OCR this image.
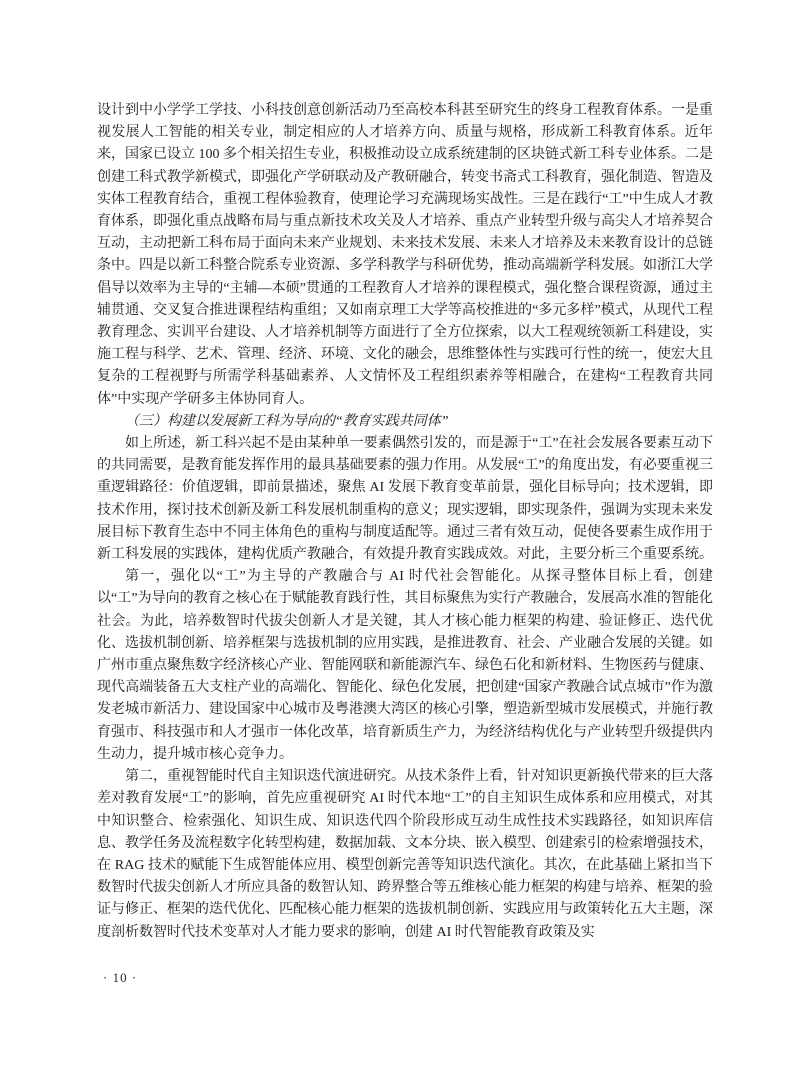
设计到中小学学工学技、小科技创意创新活动乃至高校本科甚至研究生的终身工程教育体系。一是重视发展人工智能的相关专业，制定相应的人才培养方向、质量与规格，形成新工科教育体系。近年来，国家已设立 100 多个相关招生专业，积极推动设立成系统建制的区块链式新工科专业体系。二是创建工科式教学新模式，即强化产学研联动及产教研融合，转变书斋式工科教育，强化制造、智造及实体工程教育结合，重视工程体验教育，使理论学习充满现场实战性。三是在践行“工”中生成人才教育体系，即强化重点战略布局与重点新技术攻关及人才培养、重点产业转型升级与高尖人才培养契合互动，主动把新工科布局于面向未来产业规划、未来技术发展、未来人才培养及未来教育设计的总链条中。四是以新工科整合院系专业资源、多学科教学与科研优势，推动高端新学科发展。如浙江大学倡导以效率为主导的“主辅—本硕”贯通的工程教育人才培养的课程模式，强化整合课程资源，通过主辅贯通、交叉复合推进课程结构重组；又如南京理工大学等高校推进的“多元多样”模式，从现代工程教育理念、实训平台建设、人才培养机制等方面进行了全方位探索，以大工程观统领新工科建设，实施工程与科学、艺术、管理、经济、环境、文化的融会，思维整体性与实践可行性的统一，使宏大且复杂的工程视野与所需学科基础素养、人文情怀及工程组织素养等相融合，在建构“工程教育共同体”中实现产学研多主体协同育人。

（三）构建以发展新工科为导向的“教育实践共同体”

如上所述，新工科兴起不是由某种单一要素偶然引发的，而是源于“工”在社会发展各要素互动下的共同需要，是教育能发挥作用的最具基础要素的强力作用。从发展“工”的角度出发，有必要重视三重逻辑路径：价值逻辑，即前景描述，聚焦 AI 发展下教育变革前景，强化目标导向；技术逻辑，即技术作用，探讨技术创新及新工科发展机制重构的意义；现实逻辑，即实现条件，强调为实现未来发展目标下教育生态中不同主体角色的重构与制度适配等。通过三者有效互动，促使各要素生成作用于新工科发展的实践体，建构优质产教融合，有效提升教育实践成效。对此，主要分析三个重要系统。

第一，强化以“工”为主导的产教融合与 AI 时代社会智能化。从探寻整体目标上看，创建以“工”为导向的教育之核心在于赋能教育践行性，其目标聚焦为实行产教融合，发展高水准的智能化社会。为此，培养数智时代拔尖创新人才是关键，其人才核心能力框架的构建、验证修正、迭代优化、选拔机制创新、培养框架与选拔机制的应用实践，是推进教育、社会、产业融合发展的关键。如广州市重点聚焦数字经济核心产业、智能网联和新能源汽车、绿色石化和新材料、生物医药与健康、现代高端装备五大支柱产业的高端化、智能化、绿色化发展，把创建“国家产教融合试点城市”作为激发老城市新活力、建设国家中心城市及粤港澳大湾区的核心引擎，塑造新型城市发展模式，并施行教育强市、科技强市和人才强市一体化改革，培育新质生产力，为经济结构优化与产业转型升级提供内生动力，提升城市核心竞争力。

第二，重视智能时代自主知识迭代演进研究。从技术条件上看，针对知识更新换代带来的巨大落差对教育发展“工”的影响，首先应重视研究 AI 时代本地“工”的自主知识生成体系和应用模式，对其中知识整合、检索强化、知识生成、知识迭代四个阶段形成互动生成性技术实践路径，如知识库信息、教学任务及流程数字化转型构建，数据加载、文本分块、嵌入模型、创建索引的检索增强技术，在 RAG 技术的赋能下生成智能体应用、模型创新完善等知识迭代演化。其次，在此基础上紧扣当下数智时代拔尖创新人才所应具备的数智认知、跨界整合等五维核心能力框架的构建与培养、框架的验证与修正、框架的迭代优化、匹配核心能力框架的选拔机制创新、实践应用与政策转化五大主题，深度剖析数智时代技术变革对人才能力要求的影响，创建 AI 时代智能教育政策及实

· 10 ·
